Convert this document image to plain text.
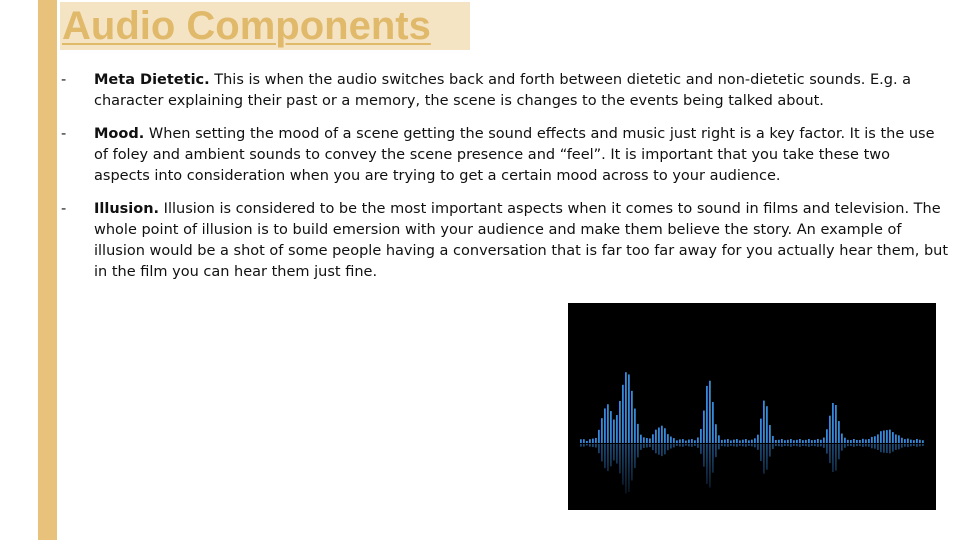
Audio Components
-	Meta Dietetic. This is when the audio switches back and forth between dietetic and non-dietetic sounds. E.g. a character explaining their past or a memory, the scene is changes to the events being talked about.
-	Mood. When setting the mood of a scene getting the sound effects and music just right is a key factor. It is the use of foley and ambient sounds to convey the scene presence and “feel”. It is important that you take these two aspects into consideration when you are trying to get a certain mood across to your audience.
-	Illusion. Illusion is considered to be the most important aspects when it comes to sound in films and television. The whole point of illusion is to build emersion with your audience and make them believe the story. An example of illusion would be a shot of some people having a conversation that is far too far away for you actually hear them, but in the film you can hear them just fine.
